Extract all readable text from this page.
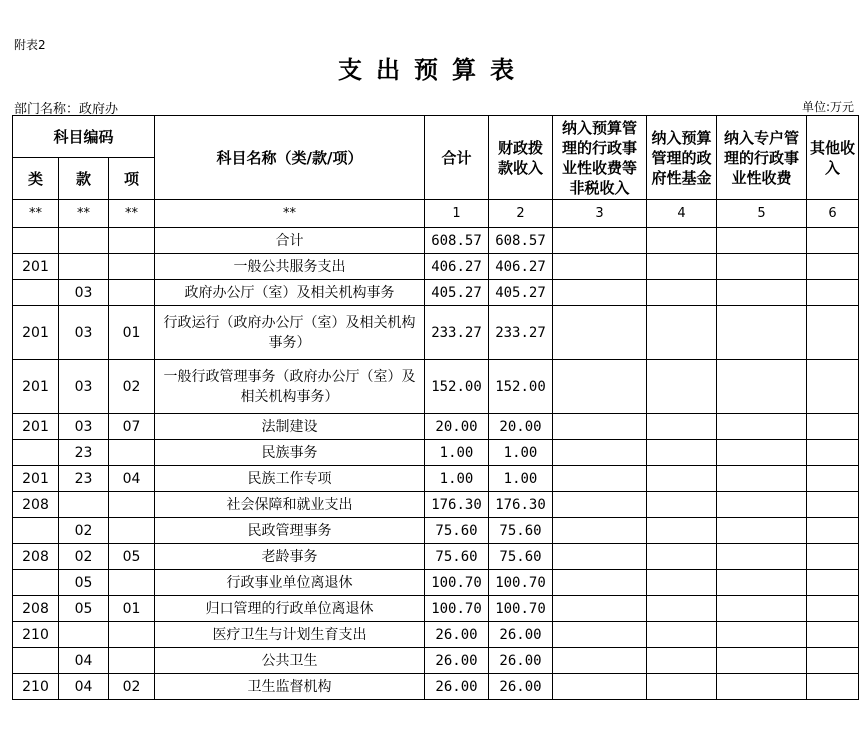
附表2
支出预算表
部门名称：政府办	单位:万元
科目编码			科目名称（类/款/项）	合计	财政拨款收入	纳入预算管理的行政事业性收费等非税收入	纳入预算管理的政府性基金	纳入专户管理的行政事业性收费	其他收入
类	款	项							
**	**	**	**	1	2	3	4	5	6
			合计	608.57	608.57				
201			一般公共服务支出	406.27	406.27				
	03		政府办公厅（室）及相关机构事务	405.27	405.27				
201	03	01	行政运行（政府办公厅（室）及相关机构事务）	233.27	233.27				
201	03	02	一般行政管理事务（政府办公厅（室）及相关机构事务）	152.00	152.00				
201	03	07	法制建设	20.00	20.00				
	23		民族事务	1.00	1.00				
201	23	04	民族工作专项	1.00	1.00				
208			社会保障和就业支出	176.30	176.30				
	02		民政管理事务	75.60	75.60				
208	02	05	老龄事务	75.60	75.60				
	05		行政事业单位离退休	100.70	100.70				
208	05	01	归口管理的行政单位离退休	100.70	100.70				
210			医疗卫生与计划生育支出	26.00	26.00				
	04		公共卫生	26.00	26.00				
210	04	02	卫生监督机构	26.00	26.00				
